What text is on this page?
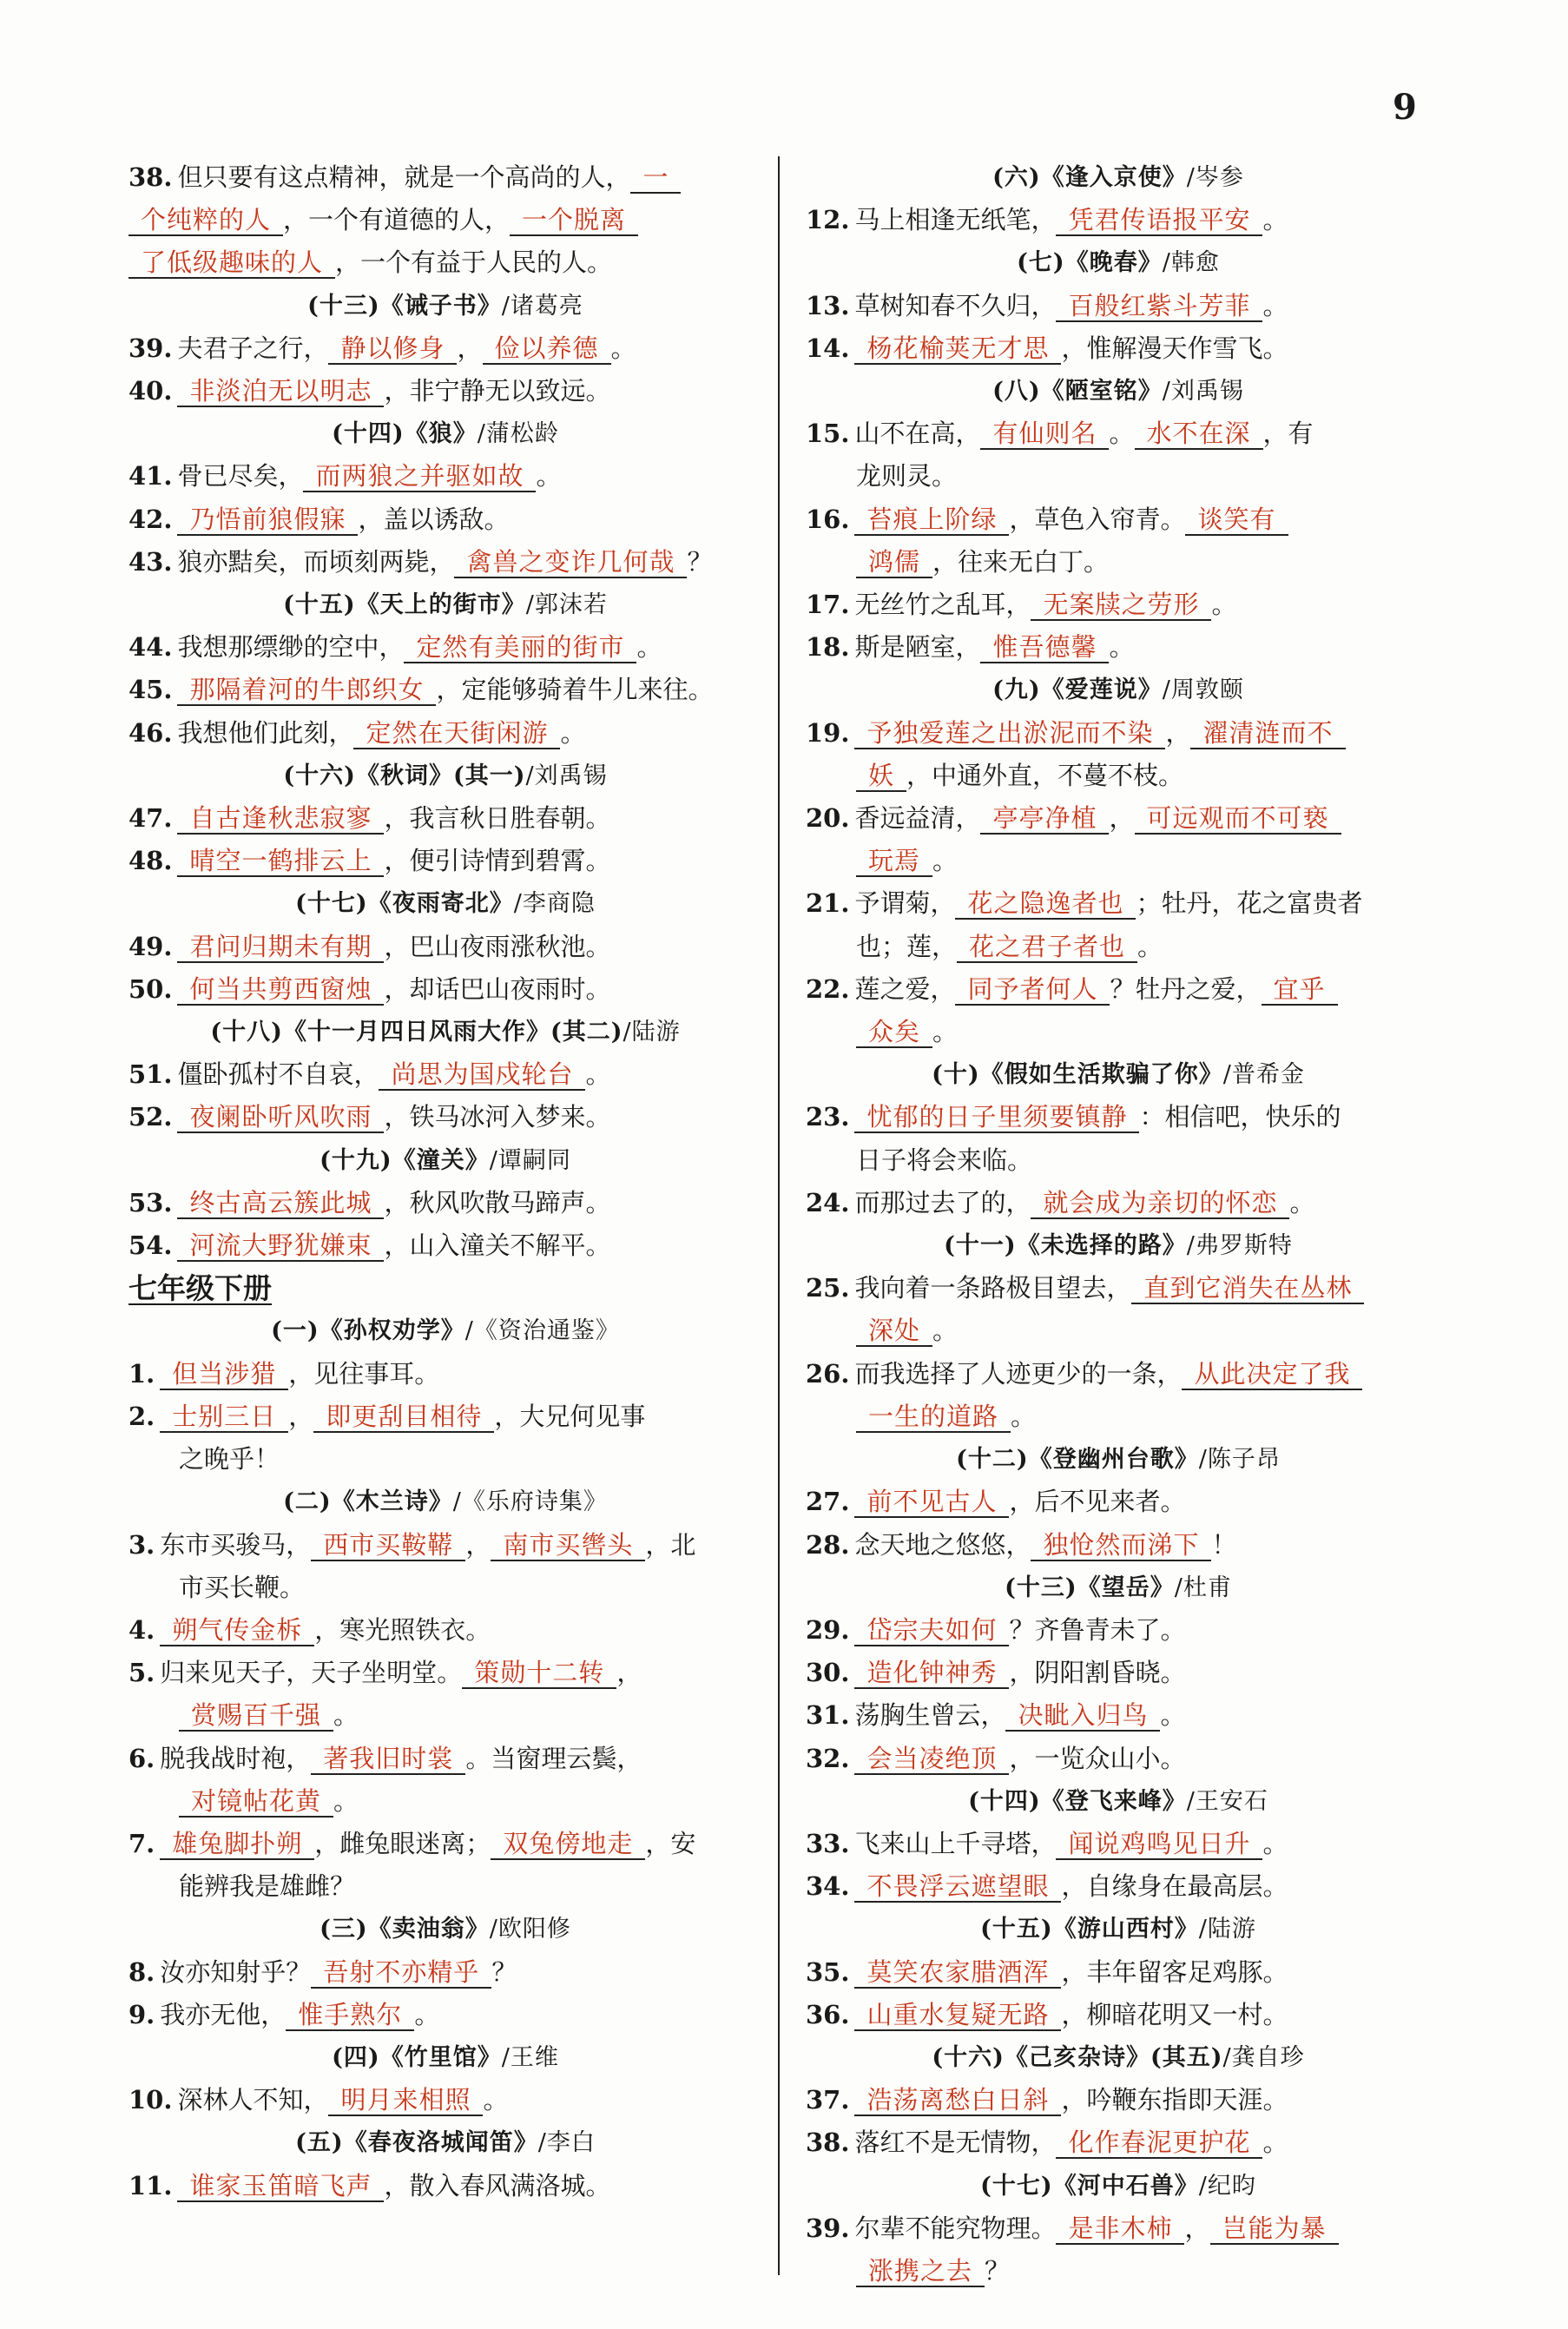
9
38. 但只要有这点精神，就是一个高尚的人， 一
个纯粹的人 ，一个有道德的人， 一个脱离
了低级趣味的人 ，一个有益于人民的人。
(十三)《诫子书》/诸葛亮
39. 夫君子之行， 静以修身 ， 俭以养德 。
40. 非淡泊无以明志 ，非宁静无以致远。
(十四)《狼》/蒲松龄
41. 骨已尽矣， 而两狼之并驱如故 。
42. 乃悟前狼假寐 ，盖以诱敌。
43. 狼亦黠矣，而顷刻两毙， 禽兽之变诈几何哉 ？
(十五)《天上的街市》/郭沫若
44. 我想那缥缈的空中， 定然有美丽的街市 。
45. 那隔着河的牛郎织女 ，定能够骑着牛儿来往。
46. 我想他们此刻， 定然在天街闲游 。
(十六)《秋词》(其一)/刘禹锡
47. 自古逢秋悲寂寥 ，我言秋日胜春朝。
48. 晴空一鹤排云上 ，便引诗情到碧霄。
(十七)《夜雨寄北》/李商隐
49. 君问归期未有期 ，巴山夜雨涨秋池。
50. 何当共剪西窗烛 ，却话巴山夜雨时。
(十八)《十一月四日风雨大作》(其二)/陆游
51. 僵卧孤村不自哀， 尚思为国戍轮台 。
52. 夜阑卧听风吹雨 ，铁马冰河入梦来。
(十九)《潼关》/谭嗣同
53. 终古高云簇此城 ，秋风吹散马蹄声。
54. 河流大野犹嫌束 ，山入潼关不解平。
七年级下册
(一)《孙权劝学》/《资治通鉴》
1. 但当涉猎 ，见往事耳。
2. 士别三日 ， 即更刮目相待 ，大兄何见事
之晚乎！
(二)《木兰诗》/《乐府诗集》
3. 东市买骏马， 西市买鞍鞯 ， 南市买辔头 ，北
市买长鞭。
4. 朔气传金柝 ，寒光照铁衣。
5. 归来见天子，天子坐明堂。 策勋十二转 ，
赏赐百千强 。
6. 脱我战时袍， 著我旧时裳 。当窗理云鬓，
对镜帖花黄 。
7. 雄兔脚扑朔 ，雌兔眼迷离； 双兔傍地走 ，安
能辨我是雄雌？
(三)《卖油翁》/欧阳修
8. 汝亦知射乎？ 吾射不亦精乎 ？
9. 我亦无他， 惟手熟尔 。
(四)《竹里馆》/王维
10. 深林人不知， 明月来相照 。
(五)《春夜洛城闻笛》/李白
11. 谁家玉笛暗飞声 ，散入春风满洛城。
(六)《逢入京使》/岑参
12. 马上相逢无纸笔， 凭君传语报平安 。
(七)《晚春》/韩愈
13. 草树知春不久归， 百般红紫斗芳菲 。
14. 杨花榆荚无才思 ，惟解漫天作雪飞。
(八)《陋室铭》/刘禹锡
15. 山不在高， 有仙则名 。 水不在深 ，有
龙则灵。
16. 苔痕上阶绿 ，草色入帘青。 谈笑有
鸿儒 ，往来无白丁。
17. 无丝竹之乱耳， 无案牍之劳形 。
18. 斯是陋室， 惟吾德馨 。
(九)《爱莲说》/周敦颐
19. 予独爱莲之出淤泥而不染 ， 濯清涟而不
妖 ，中通外直，不蔓不枝。
20. 香远益清， 亭亭净植 ， 可远观而不可亵
玩焉 。
21. 予谓菊， 花之隐逸者也 ；牡丹，花之富贵者
也；莲， 花之君子者也 。
22. 莲之爱， 同予者何人 ？牡丹之爱， 宜乎
众矣 。
(十)《假如生活欺骗了你》/普希金
23. 忧郁的日子里须要镇静 ：相信吧，快乐的
日子将会来临。
24. 而那过去了的， 就会成为亲切的怀恋 。
(十一)《未选择的路》/弗罗斯特
25. 我向着一条路极目望去， 直到它消失在丛林
深处 。
26. 而我选择了人迹更少的一条， 从此决定了我
一生的道路 。
(十二)《登幽州台歌》/陈子昂
27. 前不见古人 ，后不见来者。
28. 念天地之悠悠， 独怆然而涕下 ！
(十三)《望岳》/杜甫
29. 岱宗夫如何 ？齐鲁青未了。
30. 造化钟神秀 ，阴阳割昏晓。
31. 荡胸生曾云， 决眦入归鸟 。
32. 会当凌绝顶 ，一览众山小。
(十四)《登飞来峰》/王安石
33. 飞来山上千寻塔， 闻说鸡鸣见日升 。
34. 不畏浮云遮望眼 ，自缘身在最高层。
(十五)《游山西村》/陆游
35. 莫笑农家腊酒浑 ，丰年留客足鸡豚。
36. 山重水复疑无路 ，柳暗花明又一村。
(十六)《己亥杂诗》(其五)/龚自珍
37. 浩荡离愁白日斜 ，吟鞭东指即天涯。
38. 落红不是无情物， 化作春泥更护花 。
(十七)《河中石兽》/纪昀
39. 尔辈不能究物理。 是非木柿 ， 岂能为暴
涨携之去 ？
